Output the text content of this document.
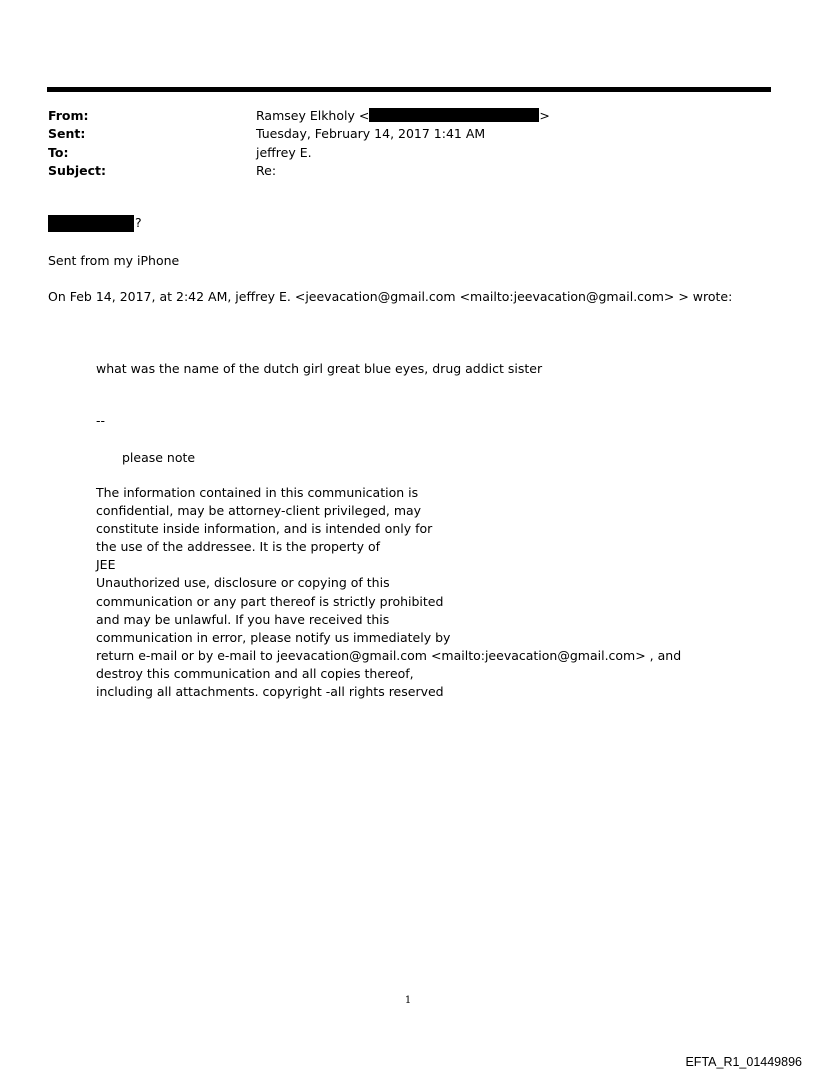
From:	Ramsey Elkholy <	>
Sent:	Tuesday, February 14, 2017 1:41 AM
To:	jeffrey E.
Subject:	Re:
?
Sent from my iPhone
On Feb 14, 2017, at 2:42 AM, jeffrey E. <jeevacation@gmail.com <mailto:jeevacation@gmail.com> > wrote:
what was the name of the dutch girl great blue eyes, drug addict sister
--
please note
The information contained in this communication is
confidential, may be attorney-client privileged, may
constitute inside information, and is intended only for
the use of the addressee. It is the property of
JEE
Unauthorized use, disclosure or copying of this
communication or any part thereof is strictly prohibited
and may be unlawful. If you have received this
communication in error, please notify us immediately by
return e-mail or by e-mail to jeevacation@gmail.com <mailto:jeevacation@gmail.com> , and
destroy this communication and all copies thereof,
including all attachments. copyright -all rights reserved
1
EFTA_R1_01449896
